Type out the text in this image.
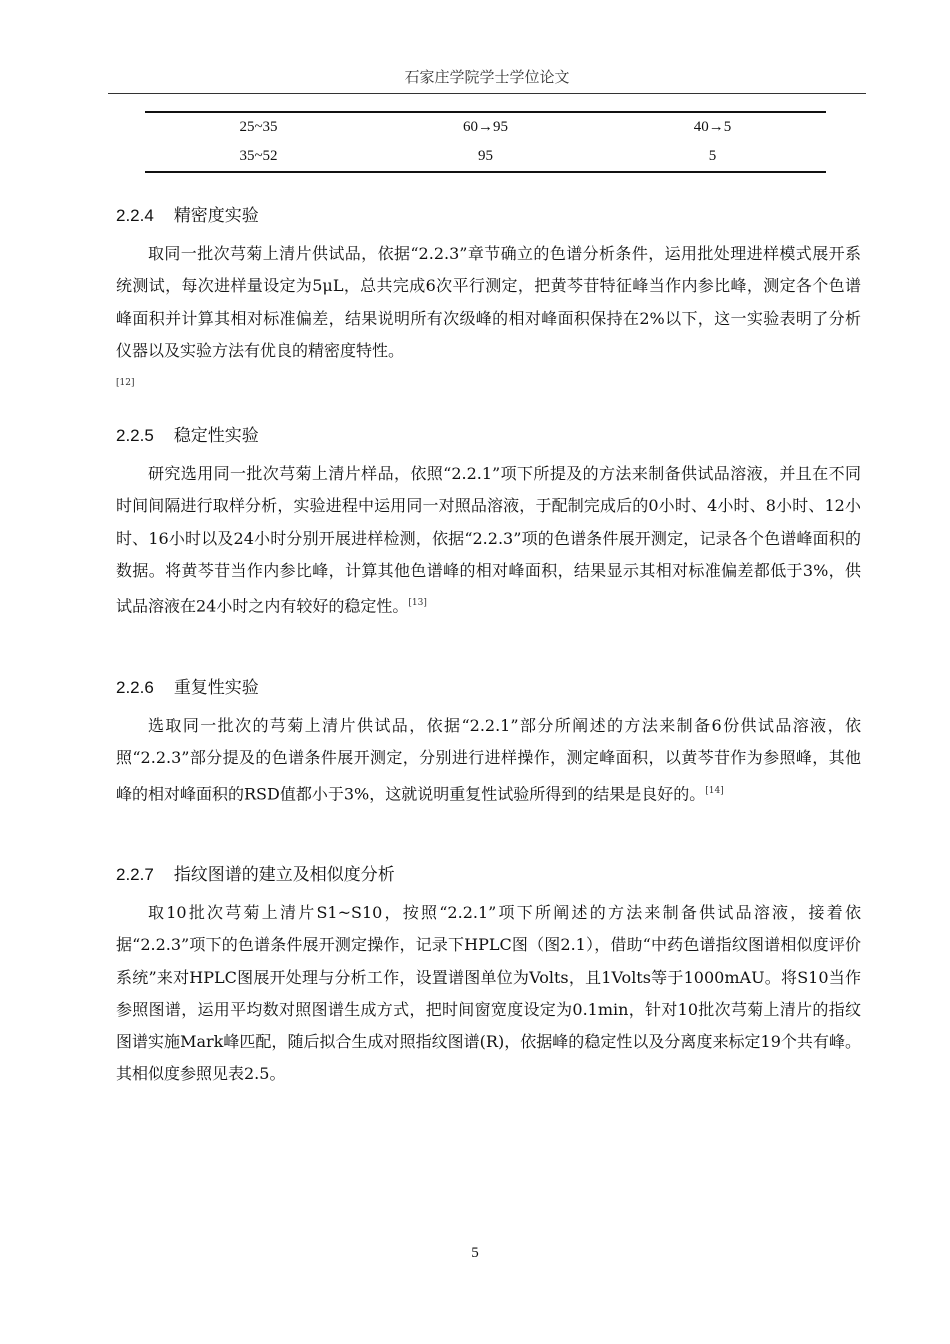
石家庄学院学士学位论文
25~35	60→95	40→5
35~52	95	5
2.2.4 精密度实验

取同一批次芎菊上清片供试品，依据“2.2.3”章节确立的色谱分析条件，运用批处理进样模式展开系统测试，每次进样量设定为5μL，总共完成6次平行测定，把黄芩苷特征峰当作内参比峰，测定各个色谱峰面积并计算其相对标准偏差，结果说明所有次级峰的相对峰面积保持在2%以下，这一实验表明了分析仪器以及实验方法有优良的精密度特性。
[12]

2.2.5 稳定性实验

研究选用同一批次芎菊上清片样品，依照“2.2.1”项下所提及的方法来制备供试品溶液，并且在不同时间间隔进行取样分析，实验进程中运用同一对照品溶液，于配制完成后的0小时、4小时、8小时、12小时、16小时以及24小时分别开展进样检测，依据“2.2.3”项的色谱条件展开测定，记录各个色谱峰面积的数据。将黄芩苷当作内参比峰，计算其他色谱峰的相对峰面积，结果显示其相对标准偏差都低于3%，供试品溶液在24小时之内有较好的稳定性。[13]

2.2.6 重复性实验

选取同一批次的芎菊上清片供试品，依据“2.2.1”部分所阐述的方法来制备6份供试品溶液，依照“2.2.3”部分提及的色谱条件展开测定，分别进行进样操作，测定峰面积，以黄芩苷作为参照峰，其他峰的相对峰面积的RSD值都小于3%，这就说明重复性试验所得到的结果是良好的。[14]

2.2.7 指纹图谱的建立及相似度分析

取10批次芎菊上清片S1~S10，按照“2.2.1”项下所阐述的方法来制备供试品溶液，接着依据“2.2.3”项下的色谱条件展开测定操作，记录下HPLC图（图2.1），借助“中药色谱指纹图谱相似度评价系统”来对HPLC图展开处理与分析工作，设置谱图单位为Volts，且1Volts等于1000mAU。将S10当作参照图谱，运用平均数对照图谱生成方式，把时间窗宽度设定为0.1min，针对10批次芎菊上清片的指纹图谱实施Mark峰匹配，随后拟合生成对照指纹图谱(R)，依据峰的稳定性以及分离度来标定19个共有峰。其相似度参照见表2.5。

5
